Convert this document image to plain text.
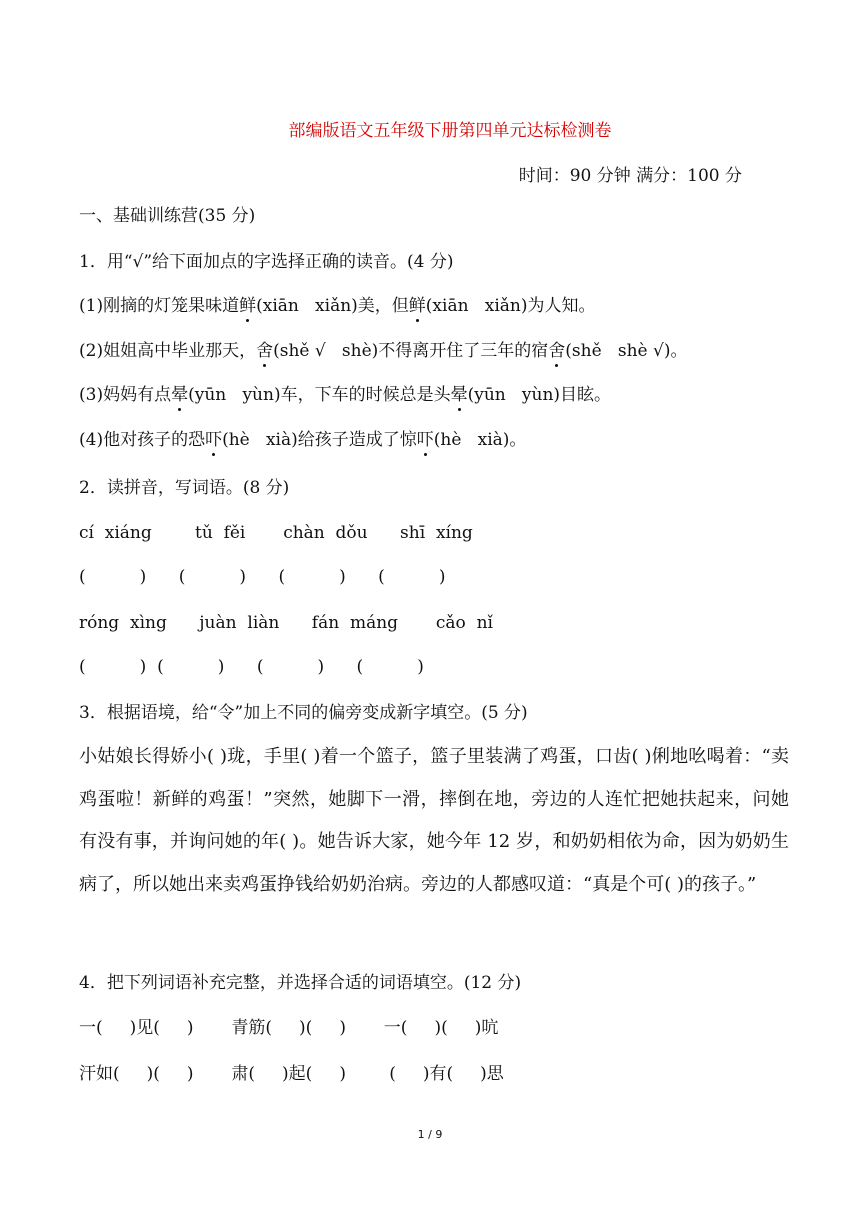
部编版语文五年级下册第四单元达标检测卷
时间：90 分钟 满分：100 分
一、基础训练营(35 分)
1．用“√”给下面加点的字选择正确的读音。(4 分)
(1)刚摘的灯笼果味道鲜(xiān   xiǎn)美，但鲜(xiān   xiǎn)为人知。
(2)姐姐高中毕业那天，舍(shě √   shè)不得离开住了三年的宿舍(shě   shè √)。
(3)妈妈有点晕(yūn   yùn)车，下车的时候总是头晕(yūn   yùn)目眩。
(4)他对孩子的恐吓(hè   xià)给孩子造成了惊吓(hè   xià)。
2．读拼音，写词语。(8 分)
cí  xiáng        tǔ  fěi       chàn  dǒu      shī  xíng
(          )      (          )      (          )      (          )
róng  xìng      juàn  liàn      fán  máng       cǎo  nǐ
(          )  (          )      (          )      (          )
3．根据语境，给“令”加上不同的偏旁变成新字填空。(5 分)
小姑娘长得娇小( )珑，手里( )着一个篮子，篮子里装满了鸡蛋，口齿( )俐地吆喝着：“卖鸡蛋啦！新鲜的鸡蛋！”突然，她脚下一滑，摔倒在地，旁边的人连忙把她扶起来，问她有没有事，并询问她的年( )。她告诉大家，她今年 12 岁，和奶奶相依为命，因为奶奶生病了，所以她出来卖鸡蛋挣钱给奶奶治病。旁边的人都感叹道：“真是个可( )的孩子。”
4．把下列词语补充完整，并选择合适的词语填空。(12 分)
一(     )见(     )       青筋(     )(     )       一(     )(     )吭
汗如(     )(     )       肃(     )起(     )        (     )有(     )思
1 / 9
